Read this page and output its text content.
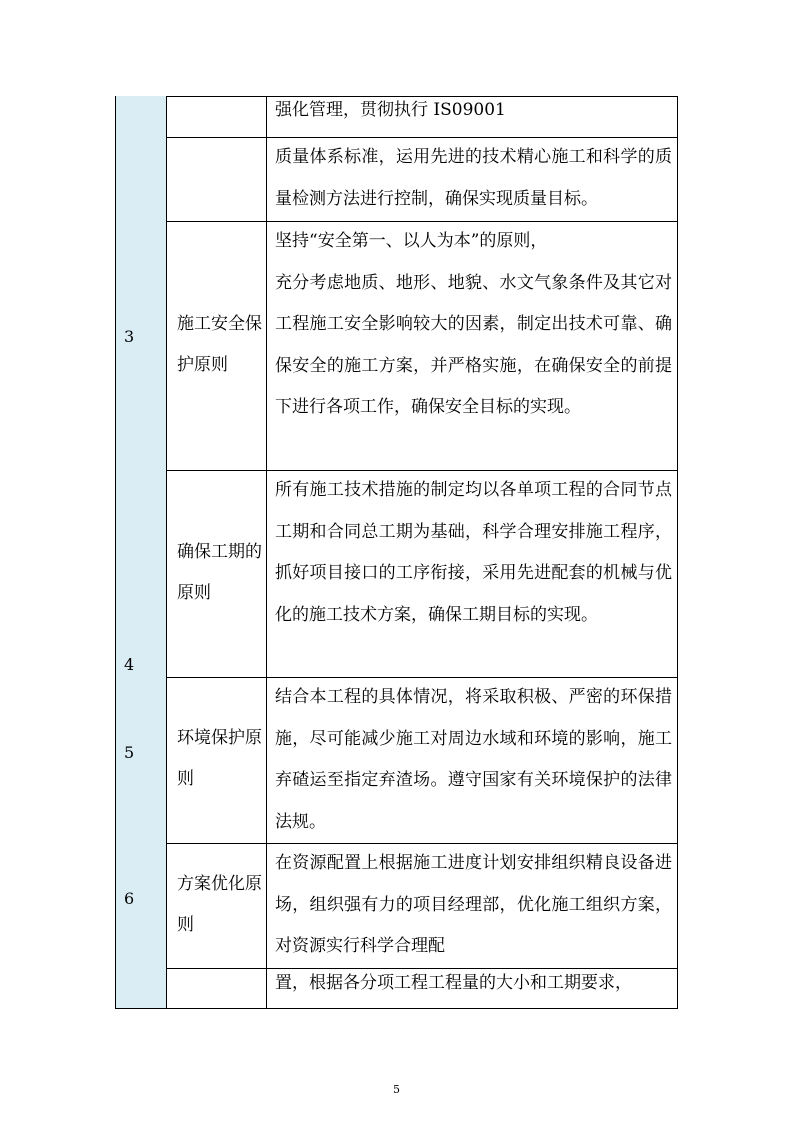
强化管理，贯彻执行 IS09001
质量体系标准，运用先进的技术精心施工和科学的质量检测方法进行控制，确保实现质量目标。
3
施工安全保护原则
坚持“安全第一、以人为本”的原则，
充分考虑地质、地形、地貌、水文气象条件及其它对工程施工安全影响较大的因素，制定出技术可靠、确保安全的施工方案，并严格实施，在确保安全的前提下进行各项工作，确保安全目标的实现。
4
确保工期的原则
所有施工技术措施的制定均以各单项工程的合同节点工期和合同总工期为基础，科学合理安排施工程序，抓好项目接口的工序衔接，采用先进配套的机械与优化的施工技术方案，确保工期目标的实现。
5
环境保护原则
结合本工程的具体情况，将采取积极、严密的环保措施，尽可能减少施工对周边水域和环境的影响，施工弃碴运至指定弃渣场。遵守国家有关环境保护的法律法规。
6
方案优化原则
在资源配置上根据施工进度计划安排组织精良设备进场，组织强有力的项目经理部，优化施工组织方案，对资源实行科学合理配
置，根据各分项工程工程量的大小和工期要求，
5
